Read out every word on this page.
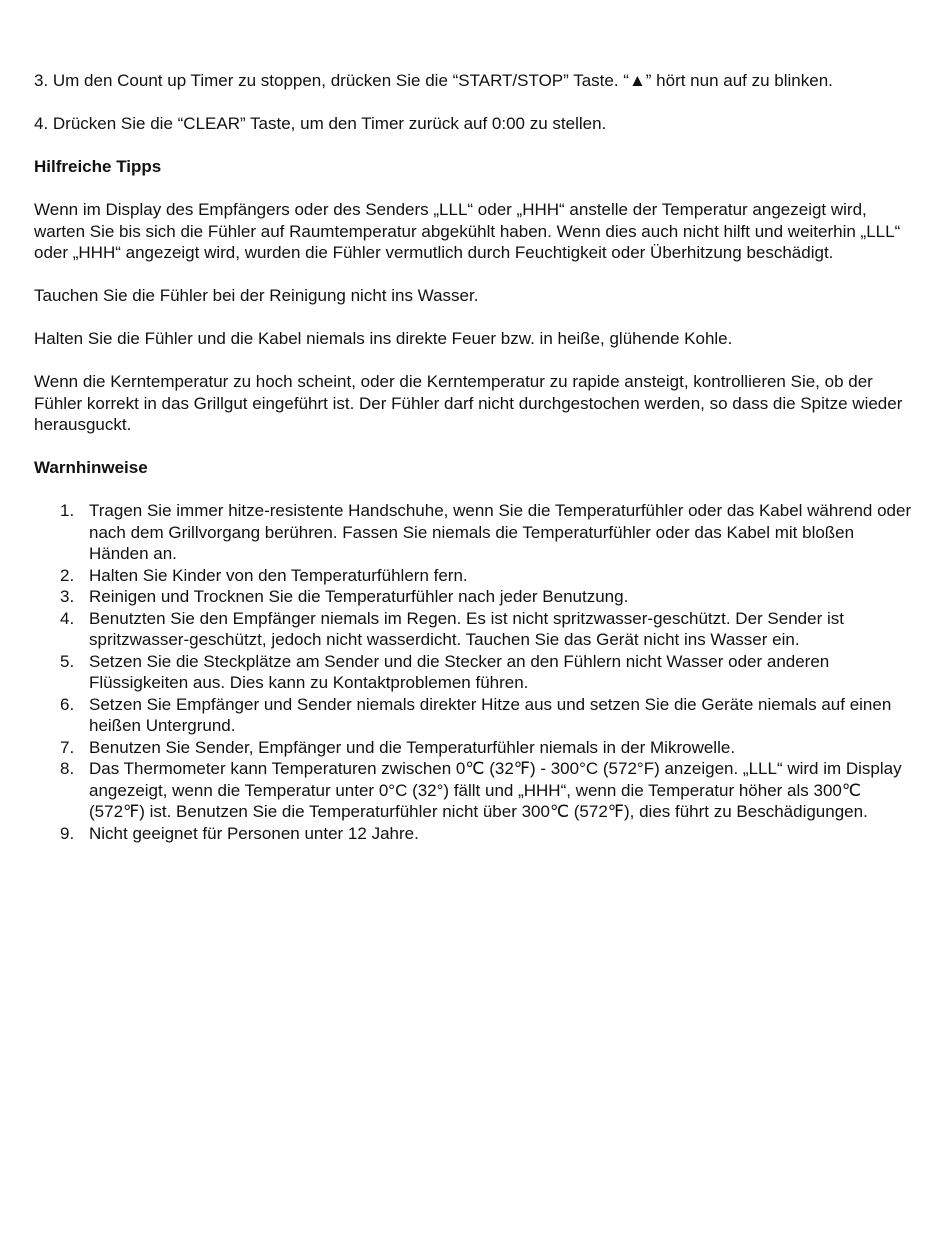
3. Um den Count up Timer zu stoppen, drücken Sie die “START/STOP” Taste. “▲” hört nun auf zu blinken.

4. Drücken Sie die “CLEAR” Taste, um den Timer zurück auf 0:00 zu stellen.

Hilfreiche Tipps

Wenn im Display des Empfängers oder des Senders „LLL“ oder „HHH“ anstelle der Temperatur angezeigt wird, warten Sie bis sich die Fühler auf Raumtemperatur abgekühlt haben. Wenn dies auch nicht hilft und weiterhin „LLL“ oder „HHH“ angezeigt wird, wurden die Fühler vermutlich durch Feuchtigkeit oder Überhitzung beschädigt.

Tauchen Sie die Fühler bei der Reinigung nicht ins Wasser.

Halten Sie die Fühler und die Kabel niemals ins direkte Feuer bzw. in heiße, glühende Kohle.

Wenn die Kerntemperatur zu hoch scheint, oder die Kerntemperatur zu rapide ansteigt, kontrollieren Sie, ob der Fühler korrekt in das Grillgut eingeführt ist. Der Fühler darf nicht durchgestochen werden, so dass die Spitze wieder herausguckt.

Warnhinweise
1. Tragen Sie immer hitze-resistente Handschuhe, wenn Sie die Temperaturfühler oder das Kabel während oder nach dem Grillvorgang berühren. Fassen Sie niemals die Temperaturfühler oder das Kabel mit bloßen Händen an.
2. Halten Sie Kinder von den Temperaturfühlern fern.
3. Reinigen und Trocknen Sie die Temperaturfühler nach jeder Benutzung.
4. Benutzten Sie den Empfänger niemals im Regen. Es ist nicht spritzwasser-geschützt. Der Sender ist spritzwasser-geschützt, jedoch nicht wasserdicht. Tauchen Sie das Gerät nicht ins Wasser ein.
5. Setzen Sie die Steckplätze am Sender und die Stecker an den Fühlern nicht Wasser oder anderen Flüssigkeiten aus. Dies kann zu Kontaktproblemen führen.
6. Setzen Sie Empfänger und Sender niemals direkter Hitze aus und setzen Sie die Geräte niemals auf einen heißen Untergrund.
7. Benutzen Sie Sender, Empfänger und die Temperaturfühler niemals in der Mikrowelle.
8. Das Thermometer kann Temperaturen zwischen 0℃ (32℉) - 300°C (572°F) anzeigen. „LLL“ wird im Display angezeigt, wenn die Temperatur unter 0°C (32°) fällt und „HHH“, wenn die Temperatur höher als 300℃ (572℉) ist. Benutzen Sie die Temperaturfühler nicht über 300℃ (572℉), dies führt zu Beschädigungen.
9. Nicht geeignet für Personen unter 12 Jahre.
